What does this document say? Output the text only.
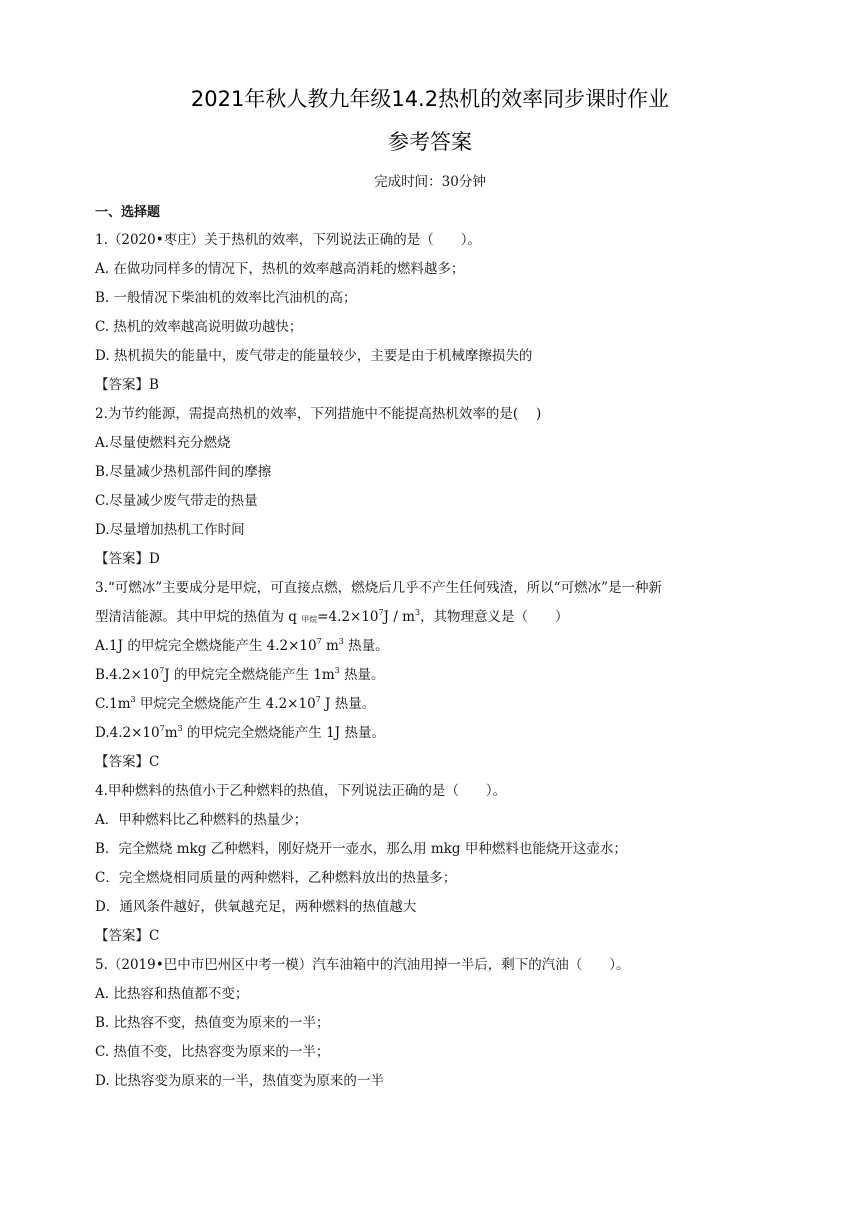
2021年秋人教九年级14.2热机的效率同步课时作业
参考答案
完成时间：30分钟
一、选择题
1.（2020•枣庄）关于热机的效率，下列说法正确的是（　　）。
A. 在做功同样多的情况下，热机的效率越高消耗的燃料越多；
B. 一般情况下柴油机的效率比汽油机的高；
C. 热机的效率越高说明做功越快；
D. 热机损失的能量中，废气带走的能量较少，主要是由于机械摩擦损失的
【答案】B
2.为节约能源，需提高热机的效率，下列措施中不能提高热机效率的是(　 )
A.尽量使燃料充分燃烧
B.尽量减少热机部件间的摩擦
C.尽量减少废气带走的热量
D.尽量增加热机工作时间
【答案】D
3.“可燃冰”主要成分是甲烷，可直接点燃，燃烧后几乎不产生任何残渣，所以“可燃冰”是一种新
型清洁能源。其中甲烷的热值为 q $_{甲烷}=4.2\times 10^7J / m^3$，其物理意义是（　　）
A.1J 的甲烷完全燃烧能产生 $4.2\times 10^7$ $m^3$ 热量。
$B.4.2\times 10^7J$ 的甲烷完全燃烧能产生 $1m^3$ 热量。
$C.1m^3$ 甲烷完全燃烧能产生 $4.2\times 10^7$ J 热量。
$D.4.2\times 10^7m^3$ 的甲烷完全燃烧能产生 1J 热量。
【答案】C
4.甲种燃料的热值小于乙种燃料的热值，下列说法正确的是（　　）。
A．甲种燃料比乙种燃料的热量少；
B．完全燃烧 mkg 乙种燃料，刚好烧开一壶水，那么用 mkg 甲种燃料也能烧开这壶水；
C．完全燃烧相同质量的两种燃料，乙种燃料放出的热量多；
D．通风条件越好，供氧越充足，两种燃料的热值越大
【答案】C
5.（2019•巴中市巴州区中考一模）汽车油箱中的汽油用掉一半后，剩下的汽油（　　）。
A. 比热容和热值都不变；
B. 比热容不变，热值变为原来的一半；
C. 热值不变，比热容变为原来的一半；
D. 比热容变为原来的一半，热值变为原来的一半
